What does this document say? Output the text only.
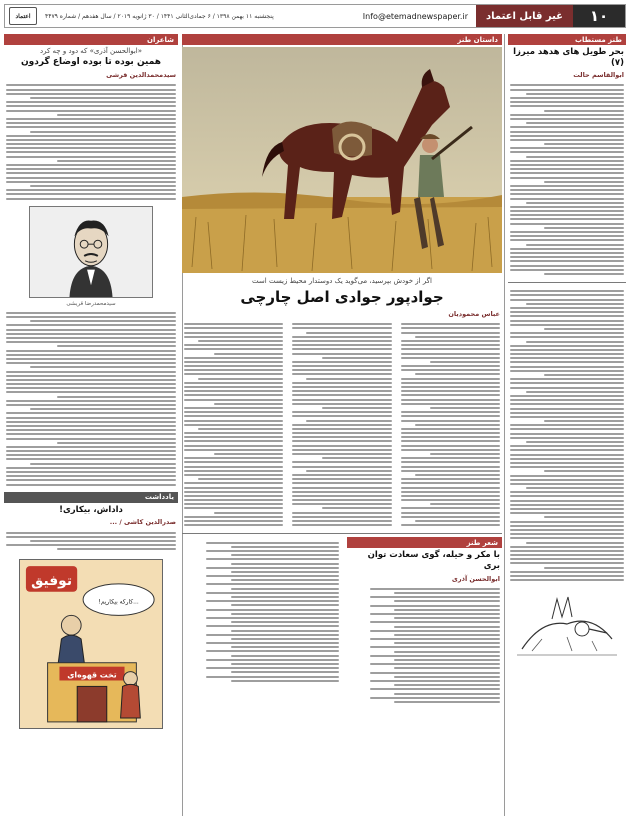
۱۰
غیر قابل اعتماد
Info@etemadnewspaper.ir
پنجشنبه ۱۱ بهمن ۱۳۹۸ / ۶ جمادی‌الثانی ۱۴۴۱ / ۳۰ ژانویه ۲۰۱۹ / سال هفدهم / شماره ۴۴۷۹
اعتماد
طنز مستطاب
بحر طویل های هدهد میرزا (۷)
ابوالقاسم حالت
داستان طنز
اگر از خودش بپرسید، می‌گوید یک دوستدار محیط زیست است
جوادپور جوادی اصل چارچی
عباس محمودیان
شعر طنز
با مکر و حیله، گوی سعادت توان بری
ابوالحسن آذری
شاعران
«ابوالحسن آذری» که دود و چه کرد
همین بوده تا بوده اوضاع گردون
سیدمحمدالدین قرشی
سیدمحمدرضا قریشی
یادداشت
داداش، بیکاری!
صدرالدین کاشی / ...
توفیق
...کارکه بیکاریم!
تخت قهوه‌ای
